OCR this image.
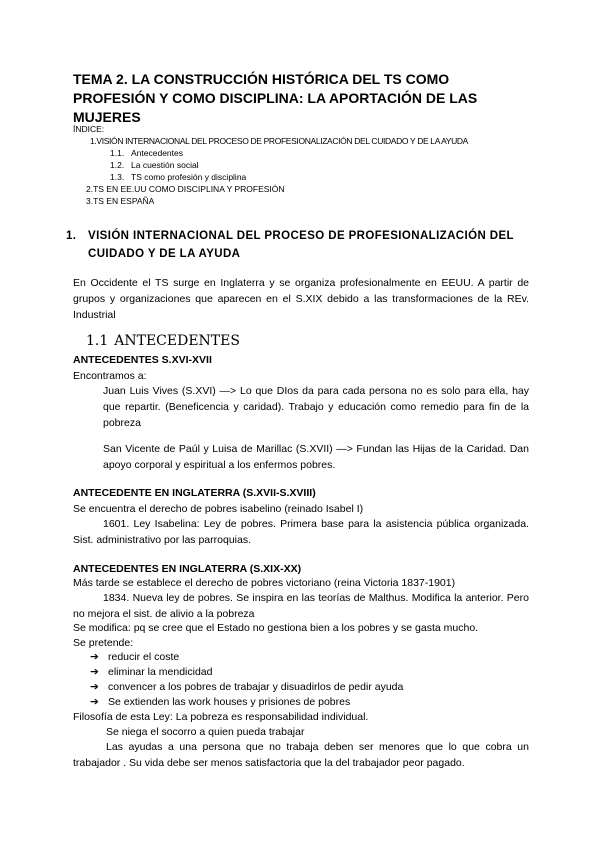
TEMA 2. LA CONSTRUCCIÓN HISTÓRICA DEL TS COMO PROFESIÓN Y COMO DISCIPLINA: LA APORTACIÓN DE LAS MUJERES
ÍNDICE:
1.VISIÓN INTERNACIONAL DEL PROCESO DE PROFESIONALIZACIÓN DEL CUIDADO Y DE LA AYUDA
1.1. Antecedentes
1.2. La cuestión social
1.3. TS como profesión y disciplina
2.TS EN EE.UU COMO DISCIPLINA Y PROFESIÓN
3.TS EN ESPAÑA
1.	VISIÓN INTERNACIONAL DEL PROCESO DE PROFESIONALIZACIÓN DEL CUIDADO Y DE LA AYUDA
En Occidente el TS surge en Inglaterra y se organiza profesionalmente en EEUU. A partir de grupos y organizaciones que aparecen en el S.XIX debido a las transformaciones de la REv. Industrial
1.1 ANTECEDENTES
ANTECEDENTES S.XVI-XVII
Encontramos a:
Juan Luis Vives (S.XVI) —> Lo que DIos da para cada persona no es solo para ella, hay que repartir. (Beneficencia y caridad). Trabajo y educación como remedio para fin de la pobreza
San Vicente de Paúl y Luisa de Marillac (S.XVII) —> Fundan las Hijas de la Caridad. Dan apoyo corporal y espiritual a los enfermos pobres.
ANTECEDENTE EN INGLATERRA (S.XVII-S.XVIII)
Se encuentra el derecho de pobres isabelino (reinado Isabel I)
1601. Ley Isabelina: Ley de pobres. Primera base para la asistencia pública organizada. Sist. administrativo por las parroquias.
ANTECEDENTES EN INGLATERRA (S.XIX-XX)
Más tarde se establece el derecho de pobres victoriano (reina Victoria 1837-1901)
1834. Nueva ley de pobres. Se inspira en las teorías de Malthus. Modifica la anterior. Pero no mejora el sist. de alivio a la pobreza
Se modifica: pq se cree que el Estado no gestiona bien a los pobres y se gasta mucho.
Se pretende:
➔ reducir el coste
➔ eliminar la mendicidad
➔ convencer a los pobres de trabajar y disuadirlos de pedir ayuda
➔ Se extienden las work houses y prisiones de pobres
Filosofía de esta Ley: La pobreza es responsabilidad individual.
Se niega el socorro a quien pueda trabajar
Las ayudas a una persona que no trabaja deben ser menores que lo que cobra un trabajador . Su vida debe ser menos satisfactoria que la del trabajador peor pagado.
